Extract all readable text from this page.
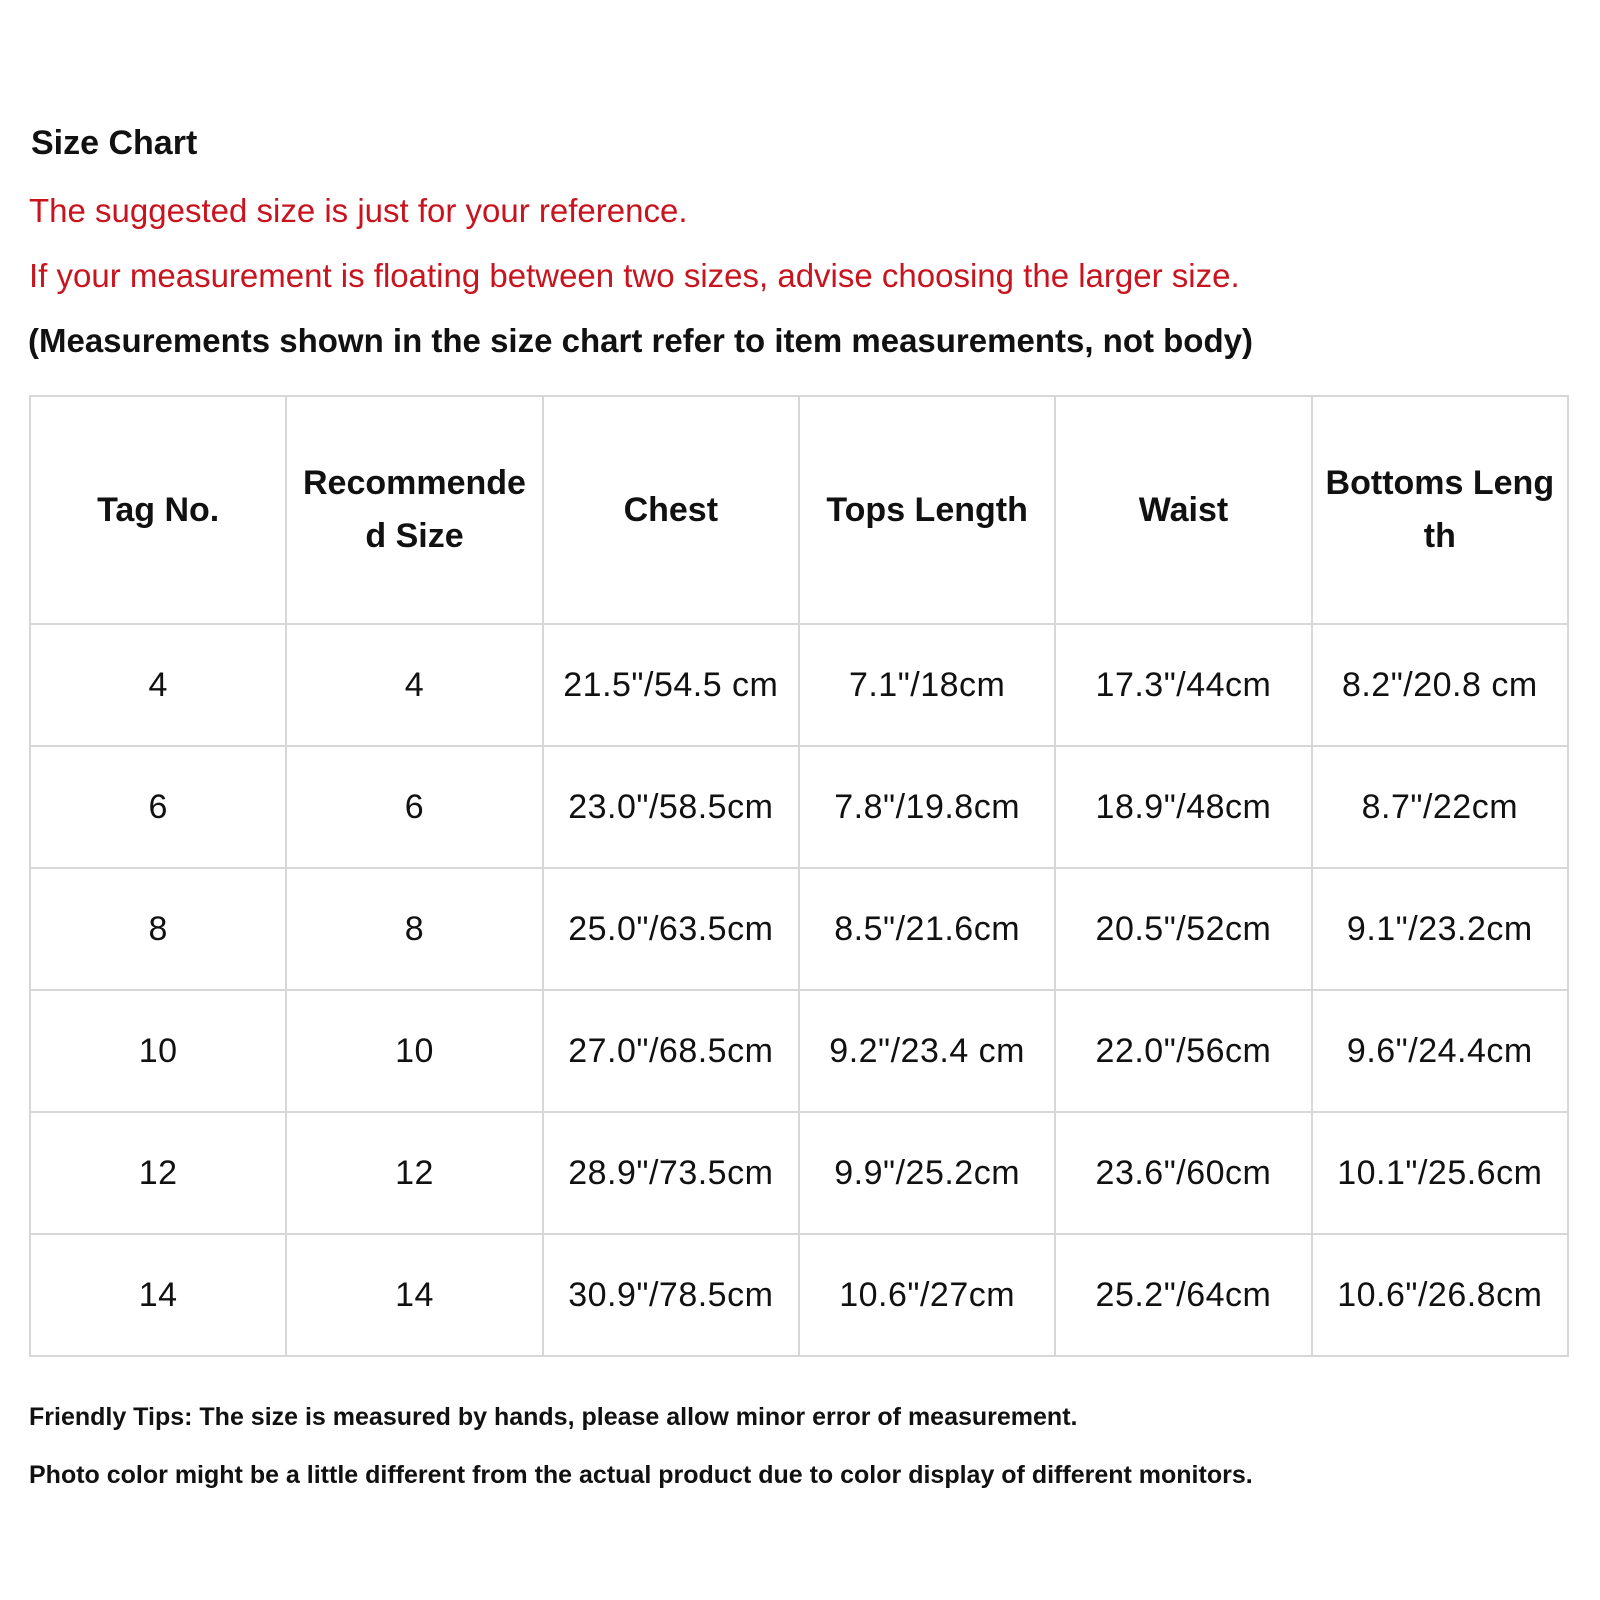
Size Chart
The suggested size is just for your reference.
If your measurement is floating between two sizes, advise choosing the larger size.
(Measurements shown in the size chart refer to item measurements, not body)
Tag No.	Recommended Size	Chest	Tops Length	Waist	Bottoms Length
4	4	21.5"/54.5 cm	7.1"/18cm	17.3"/44cm	8.2"/20.8 cm
6	6	23.0"/58.5cm	7.8"/19.8cm	18.9"/48cm	8.7"/22cm
8	8	25.0"/63.5cm	8.5"/21.6cm	20.5"/52cm	9.1"/23.2cm
10	10	27.0"/68.5cm	9.2"/23.4 cm	22.0"/56cm	9.6"/24.4cm
12	12	28.9"/73.5cm	9.9"/25.2cm	23.6"/60cm	10.1"/25.6cm
14	14	30.9"/78.5cm	10.6"/27cm	25.2"/64cm	10.6"/26.8cm
Friendly Tips: The size is measured by hands, please allow minor error of measurement.
Photo color might be a little different from the actual product due to color display of different monitors.
